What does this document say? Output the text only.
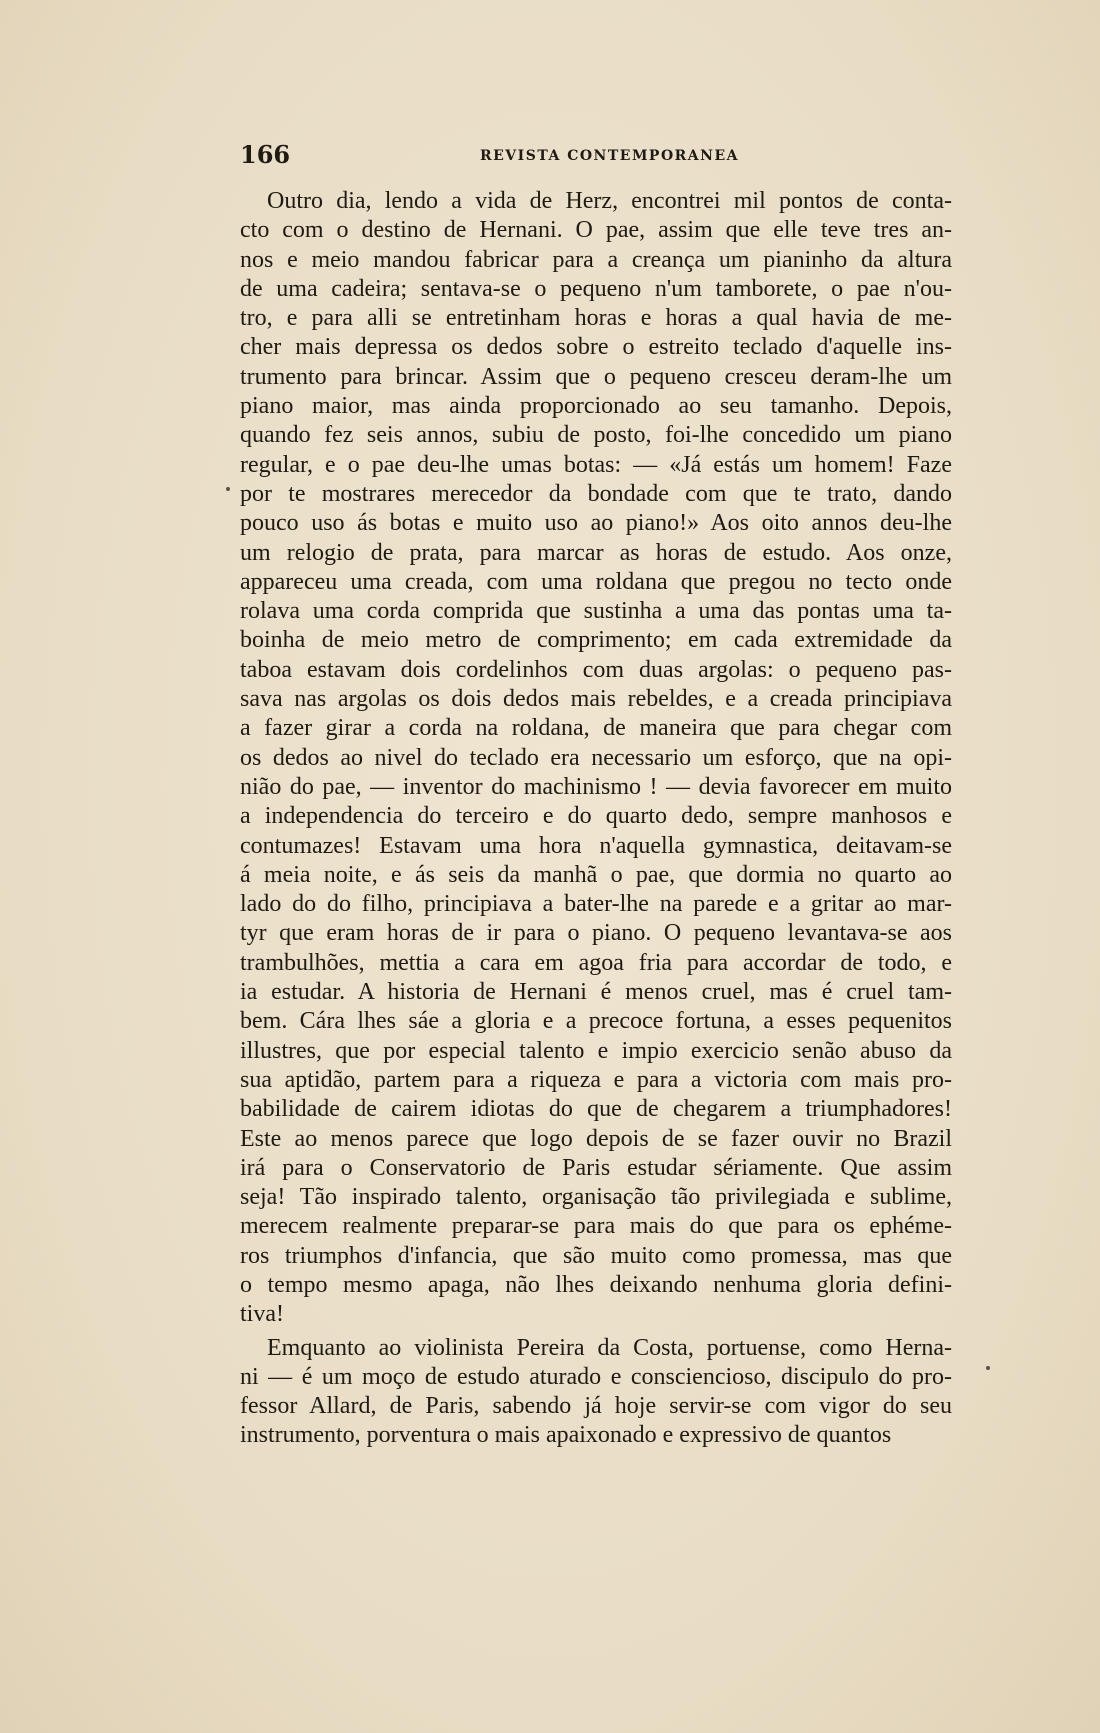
166	REVISTA CONTEMPORANEA
Outro dia, lendo a vida de Herz, encontrei mil pontos de conta-
cto com o destino de Hernani. O pae, assim que elle teve tres an-
nos e meio mandou fabricar para a creança um pianinho da altura
de uma cadeira; sentava-se o pequeno n'um tamborete, o pae n'ou-
tro, e para alli se entretinham horas e horas a qual havia de me-
cher mais depressa os dedos sobre o estreito teclado d'aquelle ins-
trumento para brincar. Assim que o pequeno cresceu deram-lhe um
piano maior, mas ainda proporcionado ao seu tamanho. Depois,
quando fez seis annos, subiu de posto, foi-lhe concedido um piano
regular, e o pae deu-lhe umas botas: — «Já estás um homem! Faze
por te mostrares merecedor da bondade com que te trato, dando
pouco uso ás botas e muito uso ao piano!» Aos oito annos deu-lhe
um relogio de prata, para marcar as horas de estudo. Aos onze,
appareceu uma creada, com uma roldana que pregou no tecto onde
rolava uma corda comprida que sustinha a uma das pontas uma ta-
boinha de meio metro de comprimento; em cada extremidade da
taboa estavam dois cordelinhos com duas argolas: o pequeno pas-
sava nas argolas os dois dedos mais rebeldes, e a creada principiava
a fazer girar a corda na roldana, de maneira que para chegar com
os dedos ao nivel do teclado era necessario um esforço, que na opi-
nião do pae, — inventor do machinismo ! — devia favorecer em muito
a independencia do terceiro e do quarto dedo, sempre manhosos e
contumazes! Estavam uma hora n'aquella gymnastica, deitavam-se
á meia noite, e ás seis da manhã o pae, que dormia no quarto ao
lado do do filho, principiava a bater-lhe na parede e a gritar ao mar-
tyr que eram horas de ir para o piano. O pequeno levantava-se aos
trambulhões, mettia a cara em agoa fria para accordar de todo, e
ia estudar. A historia de Hernani é menos cruel, mas é cruel tam-
bem. Cára lhes sáe a gloria e a precoce fortuna, a esses pequenitos
illustres, que por especial talento e impio exercicio senão abuso da
sua aptidão, partem para a riqueza e para a victoria com mais pro-
babilidade de cairem idiotas do que de chegarem a triumphadores!
Este ao menos parece que logo depois de se fazer ouvir no Brazil
irá para o Conservatorio de Paris estudar sériamente. Que assim
seja! Tão inspirado talento, organisação tão privilegiada e sublime,
merecem realmente preparar-se para mais do que para os ephéme-
ros triumphos d'infancia, que são muito como promessa, mas que
o tempo mesmo apaga, não lhes deixando nenhuma gloria defini-
tiva!
Emquanto ao violinista Pereira da Costa, portuense, como Herna-
ni — é um moço de estudo aturado e consciencioso, discipulo do pro-
fessor Allard, de Paris, sabendo já hoje servir-se com vigor do seu
instrumento, porventura o mais apaixonado e expressivo de quantos
